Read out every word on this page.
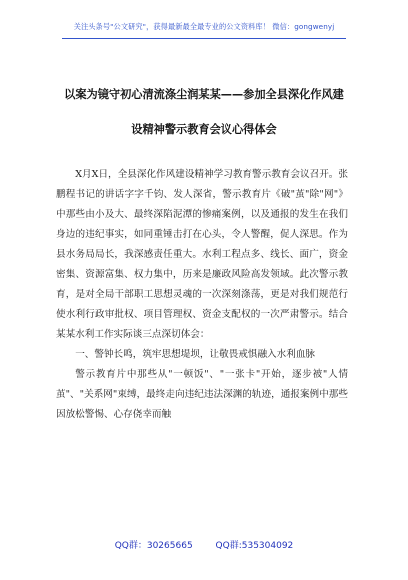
关注头条号"公文研究"，获得最新最全最专业的公文资料库！ 微信：gongwenyj
以案为镜守初心清流涤尘润某某——参加全县深化作风建
设精神警示教育会议心得体会

X月X日，全县深化作风建设精神学习教育警示教育会议召开。张鹏程书记的讲话字字千钧、发人深省，警示教育片《破"茧"除"网"》中那些由小及大、最终深陷泥潭的惨痛案例，以及通报的发生在我们身边的违纪事实，如同重锤击打在心头，令人警醒，促人深思。作为县水务局局长，我深感责任重大。水利工程点多、线长、面广，资金密集、资源富集、权力集中，历来是廉政风险高发领域。此次警示教育，是对全局干部职工思想灵魂的一次深刻涤荡，更是对我们规范行使水利行政审批权、项目管理权、资金支配权的一次严肃警示。结合某某水利工作实际谈三点深切体会：

一、警钟长鸣，筑牢思想堤坝，让敬畏戒惧融入水利血脉

警示教育片中那些从"一顿饭"、"一张卡"开始，逐步被"人情茧"、"关系网"束缚，最终走向违纪违法深渊的轨迹，通报案例中那些因放松警惕、心存侥幸而触

QQ群：30265665	QQ群:535304092
